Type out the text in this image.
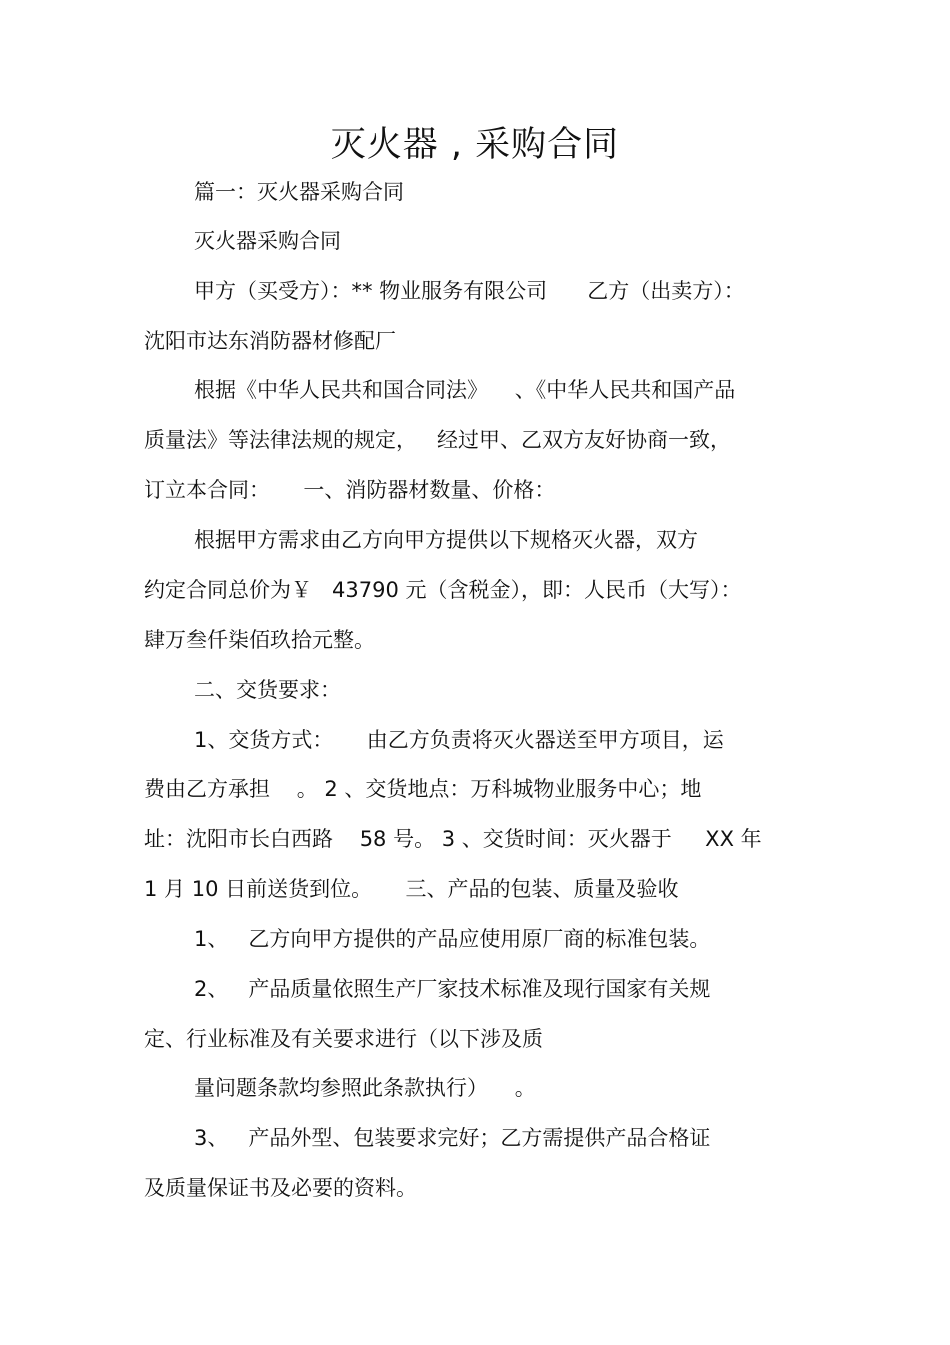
灭火器 , 采购合同
篇一：灭火器采购合同
灭火器采购合同
甲方（买受方）：** 物业服务有限公司      乙方（出卖方）：
沈阳市达东消防器材修配厂
根据《中华人民共和国合同法》    、《中华人民共和国产品
质量法》等法律法规的规定，   经过甲、乙双方友好协商一致，
订立本合同：     一、消防器材数量、价格：
根据甲方需求由乙方向甲方提供以下规格灭火器，双方
约定合同总价为￥   43790 元（含税金），即：人民币（大写）：
肆万叁仟柒佰玖拾元整。
二、交货要求：
1、交货方式：     由乙方负责将灭火器送至甲方项目，运
费由乙方承担    。 2 、交货地点：万科城物业服务中心；地
址：沈阳市长白西路    58 号。 3 、交货时间：灭火器于     XX 年
1 月 10 日前送货到位。     三、产品的包装、质量及验收
1、   乙方向甲方提供的产品应使用原厂商的标准包装。
2、   产品质量依照生产厂家技术标准及现行国家有关规
定、行业标准及有关要求进行（以下涉及质
量问题条款均参照此条款执行）    。
3、   产品外型、包装要求完好；乙方需提供产品合格证
及质量保证书及必要的资料。
